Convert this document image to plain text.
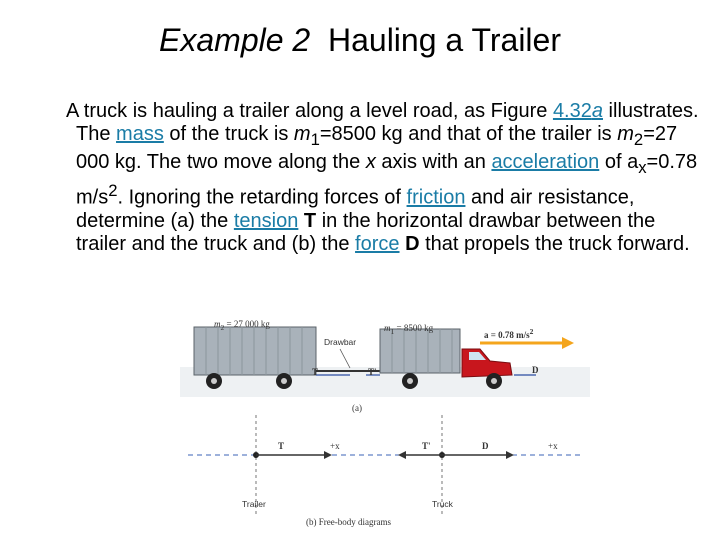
Example 2 Hauling a Trailer

A truck is hauling a trailer along a level road, as Figure 4.32a illustrates. The mass of the truck is $m_1=8500$ kg and that of the trailer is $m_2=27$ 000 kg. The two move along the x axis with an acceleration of $a_x=0.78$ $m/s^2$. Ignoring the retarding forces of friction and air resistance, determine (a) the tension T in the horizontal drawbar between the trailer and the truck and (b) the force D that propels the truck forward.

$m_2 = 27$ 000 kg	$m_1 = 8500$ kg
a = 0.78 $m/s^2$
Drawbar
T	T'	D
(a)
T	+x	T'	D	+x
Trailer	Truck
(b) Free-body diagrams
